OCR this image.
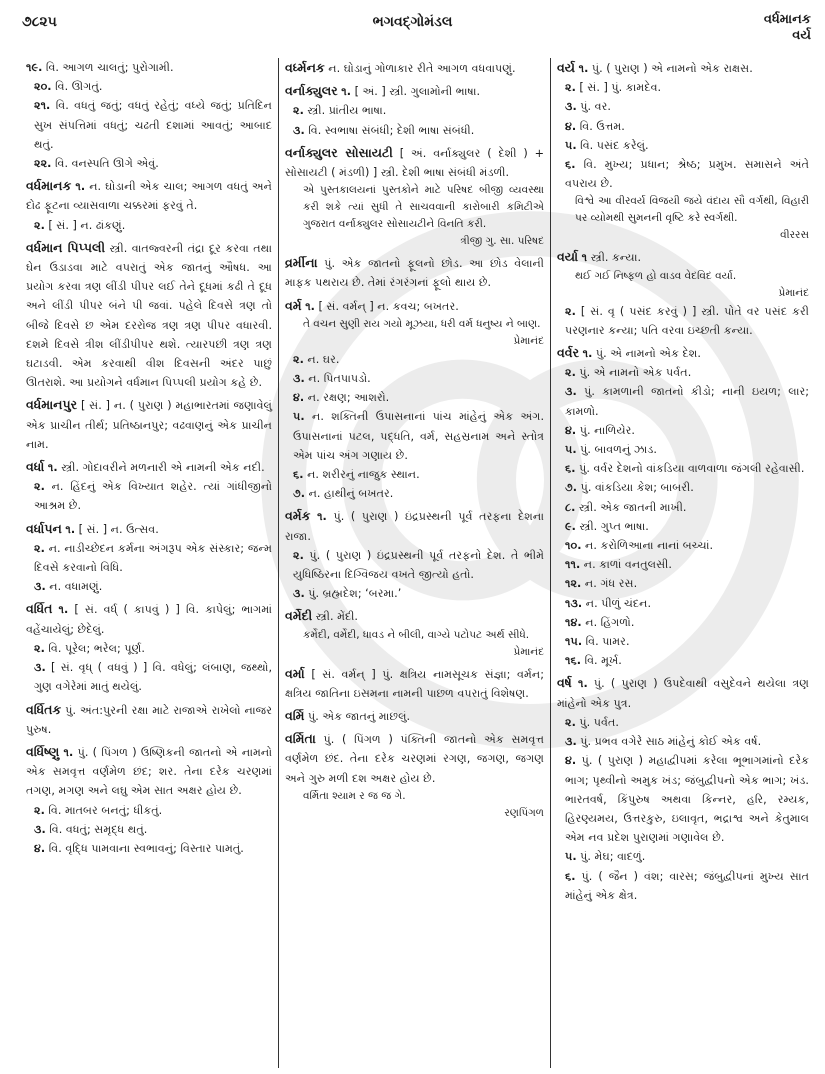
૭૮૨૫	ભગવદ્ગોમંડલ	વર્ધમાનક
વર્ય
૧૯. વિ. આગળ ચાલતું; પુરોગામી.
૨૦. વિ. ઊગતું.
૨૧. વિ. વધતું જતું; વધતું રહેતું; વધ્યે જતું; પ્રતિદિન સુખ સંપત્તિમાં વધતું; ચઢતી દશામાં આવતું; આબાદ થતું.
૨૨. વિ. વનસ્પતિ ઊગે એવું.
વર્ધમાનક ૧. ન. ઘોડાની એક ચાલ; આગળ વધતું અને દોઢ ફૂટના વ્યાસવાળા ચક્કરમાં ફરવું તે.
૨. [ સં. ] ન. ઢાંકણું.
વર્ધમાન પિપ્પલી સ્ત્રી. વાતજ્વરની તંદ્રા દૂર કરવા તથા ઘેન ઉડાડવા માટે વપરાતું એક જાતનું ઔષધ. આ પ્રયોગ કરવા ત્રણ લીંડી પીપર લઈ તેને દૂધમાં કઢી તે દૂધ અને લીંડી પીપર બંને પી જવાં. પહેલે દિવસે ત્રણ તો બીજે દિવસે છ એમ દરરોજ ત્રણ ત્રણ પીપર વધારવી. દશમે દિવસે ત્રીશ લીંડીપીપર થશે. ત્યારપછી ત્રણ ત્રણ ઘટાડવી. એમ કરવાથી વીશ દિવસની અંદર પાછું ઊતરાશે. આ પ્રયોગને વર્ધમાન પિપ્પલી પ્રયોગ કહે છે.
વર્ધમાનપુર [ સં. ] ન. ( પુરાણ ) મહાભારતમાં જણાવેલું એક પ્રાચીન તીર્થ; પ્રતિષ્ઠાનપુર; વઢવાણનું એક પ્રાચીન નામ.
વર્ધા ૧. સ્ત્રી. ગોદાવરીને મળનારી એ નામની એક નદી.
૨. ન. હિંદનું એક વિખ્યાત શહેર. ત્યાં ગાંધીજીનો આશ્રમ છે.
વર્ધાપન ૧. [ સં. ] ન. ઉત્સવ.
૨. ન. નાડીચ્છેદન કર્મના અંગરૂપ એક સંસ્કાર; જન્મ દિવસે કરવાનો વિધિ.
૩. ન. વધામણું.
વર્ધિત ૧. [ સં. વર્ધ્ ( કાપવું ) ] વિ. કાપેલું; ભાગમાં વહેંચાયેલું; છેદેલું.
૨. વિ. પૂરેલ; ભરેલ; પૂર્ણ.
૩. [ સં. વૃધ્ ( વધવું ) ] વિ. વધેલું; લંબાણ, જથ્થો, ગુણ વગેરેમાં માતું થયેલું.
વર્ધિતક પું. અંત:પુરની રક્ષા માટે રાજાએ રાખેલો નાજર પુરુષ.
વર્ધિષ્ણુ ૧. પું. ( પિંગળ ) ઉષ્ણિકની જાતનો એ નામનો એક સમવૃત્ત વર્ણમેળ છંદ; શર. તેના દરેક ચરણમાં તગણ, મગણ અને લઘુ એમ સાત અક્ષર હોય છે.
૨. વિ. માતબર બનતું; ધીકતું.
૩. વિ. વધતું; સમૃદ્ધ થતું.
૪. વિ. વૃદ્ધિ પામવાના સ્વભાવનું; વિસ્તાર પામતું.
વર્ધ્મનક ન. ઘોડાનું ગોળાકાર રીતે આગળ વધવાપણું.
વર્નાક્યુલર ૧. [ અં. ] સ્ત્રી. ગુલામોની ભાષા.
૨. સ્ત્રી. પ્રાંતીય ભાષા.
૩. વિ. સ્વભાષા સંબંધી; દેશી ભાષા સંબંધી.
વર્નાક્યુલર સોસાયટી [ અં. વર્નાક્યુલર ( દેશી ) + સોસાયટી ( મંડળી) ] સ્ત્રી. દેશી ભાષા સંબંધી મંડળી.
એ પુસ્તકાલયનાં પુસ્તકોને માટે પરિષદ બીજી વ્યવસ્થા કરી શકે ત્યાં સુધી તે સાચવવાની કારોબારી કમિટીએ ગુજરાત વર્નાક્યુલર સોસાયટીને વિનતિ કરી.
ત્રીજી ગુ. સા. પરિષદ
વર્ર્મીના પું. એક જાતનો ફૂલનો છોડ. આ છોડ વેલાની માફક પથરાય છે. તેમાં રંગરંગનાં ફૂલો થાય છે.
વર્મ ૧. [ સં. વર્મન્ ] ન. કવચ; બખતર.
તે વચન સુણી રાય ગયો મૂઝયા, ધરી વર્મ ધનુષ્ય ને બાણ.
પ્રેમાનંદ
૨. ન. ઘર.
૩. ન. પિતપાપડો.
૪. ન. રક્ષણ; આશરો.
૫. ન. શક્તિની ઉપાસનાનાં પાંચ માંહેનું એક અંગ. ઉપાસનાનાં પટલ, પદ્ધતિ, વર્મ, સહસ્રનામ અને સ્તોત્ર એમ પાંચ અંગ ગણાય છે.
૬. ન. શરીરનું નાજુક સ્થાન.
૭. ન. હાથીનું બખતર.
વર્મક ૧. પું. ( પુરાણ ) ઇંદ્રપ્રસ્થની પૂર્વ તરફના દેશના રાજા.
૨. પું. ( પુરાણ ) ઇંદ્રપ્રસ્થની પૂર્વ તરફનો દેશ. તે ભીમે યુધિષ્ઠિરના દિગ્વિજય વખતે જીત્યો હતો.
૩. પું. બ્રહ્મદેશ; ‘બરમા.’
વર્મેદી સ્ત્રી. મેંદી.
કર્મેદી, વર્મેદી, ધાવડ ને બીલી, વાગ્યે પટોપટ અર્થ સીધે.
પ્રેમાનંદ
વર્મા [ સં. વર્મન્ ] પું. ક્ષત્રિય નામસૂચક સંજ્ઞા; વર્મન; ક્ષત્રિય જાતિના ઇસમના નામની પાછળ વપરાતું વિશેષણ.
વર્મિ પું. એક જાતનું માછલું.
વર્મિતા પું. ( પિંગળ ) પંક્તિની જાતનો એક સમવૃત્ત વર્ણમેળ છંદ. તેના દરેક ચરણમાં રગણ, જગણ, જગણ અને ગુરુ મળી દશ અક્ષર હોય છે.
વર્મિતા શ્યામ ર જ જ ગે.
રણપિંગળ
વર્ય ૧. પું. ( પુરાણ ) એ નામનો એક રાક્ષસ.
૨. [ સં. ] પું. કામદેવ.
૩. પું. વર.
૪. વિ. ઉત્તમ.
૫. વિ. પસંદ કરેલું.
૬. વિ. મુખ્ય; પ્રધાન; શ્રેષ્ઠ; પ્રમુખ. સમાસને અંતે વપરાય છે.
વિશ્વે આ વીરવર્ય વિજયી જયે વંદાય સૌ વર્ગથી, વિહારી પર વ્યોમથી સુમનની વૃષ્ટિ કરે સ્વર્ગથી.
વીરરસ
વર્યા ૧ સ્ત્રી. કન્યા.
થઈ ગઈ નિષ્ફળ હો વાડવ વેદવિદ વર્યા.
પ્રેમાનંદ
૨. [ સં. વૃ ( પસંદ કરવું ) ] સ્ત્રી. પોતે વર પસંદ કરી પરણનાર કન્યા; પતિ વરવા ઇચ્છતી કન્યા.
વર્વર ૧. પું. એ નામનો એક દેશ.
૨. પું. એ નામનો એક પર્વત.
૩. પું. કામળાની જાતનો કીડો; નાની ઇયળ; લાર; કામળો.
૪. પું. નાળિયેર.
૫. પું. બાવળનું ઝાડ.
૬. પું. વર્વર દેશનો વાંકડિયા વાળવાળા જંગલી રહેવાસી.
૭. પું. વાંકડિયા કેશ; બાબરી.
૮. સ્ત્રી. એક જાતની માખી.
૯. સ્ત્રી. ગુપ્ત ભાષા.
૧૦. ન. કરોળિઆના નાનાં બચ્ચાં.
૧૧. ન. કાળાં વનતુલસી.
૧૨. ન. ગંધ રસ.
૧૩. ન. પીળું ચંદન.
૧૪. ન. હિંગળો.
૧૫. વિ. પામર.
૧૬. વિ. મૂર્ખ.
વર્ષ ૧. પું. ( પુરાણ ) ઉપદેવાથી વસુદેવને થયેલા ત્રણ માંહેનો એક પુત્ર.
૨. પું. પર્વત.
૩. પું. પ્રભવ વગેરે સાઠ માંહેનું કોઈ એક વર્ષ.
૪. પું. ( પુરાણ ) મહાદ્વીપમાં કરેલા ભૂભાગમાંનો દરેક ભાગ; પૃથ્વીનો અમુક ખંડ; જંબુદ્વીપનો એક ભાગ; ખંડ. ભારતવર્ષ, કિંપુરુષ અથવા કિન્નર, હરિ, રમ્યક, હિરણ્યમય, ઉત્તરકુરુ, ઇલાવૃત, ભદ્રાશ્વ અને કેતુમાલ એમ નવ પ્રદેશ પુરાણમાં ગણાવેલ છે.
૫. પું. મેઘ; વાદળું.
૬. પું. ( જૈન ) વંશ; વારસ; જંબુદ્વીપનાં મુખ્ય સાત માંહેનું એક ક્ષેત્ર.
